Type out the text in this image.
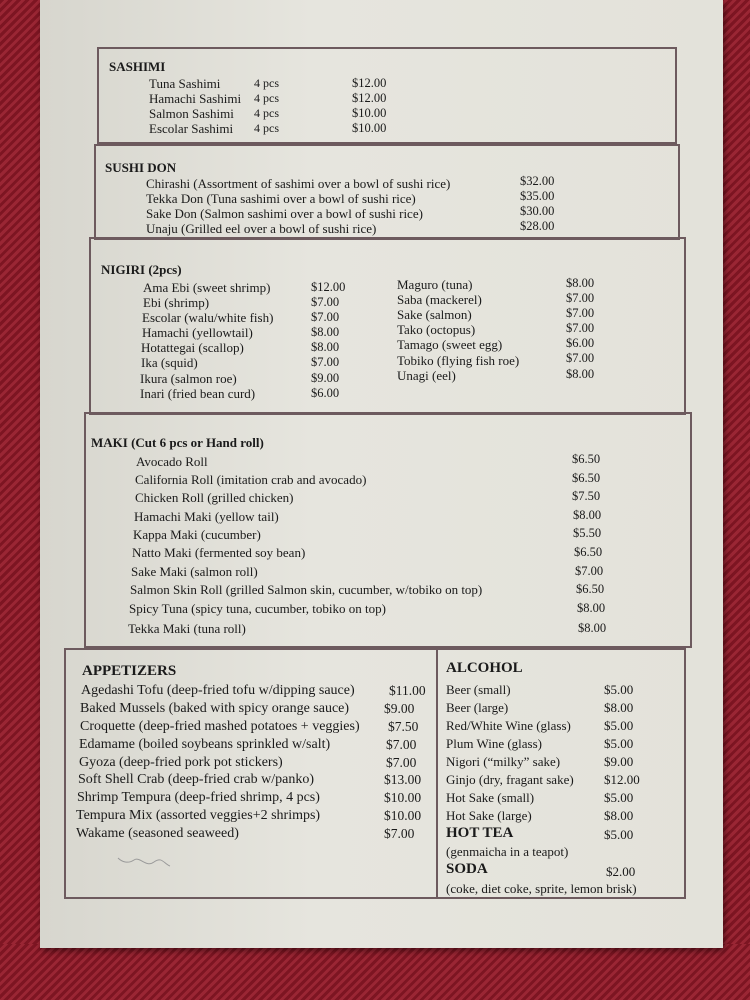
SASHIMI
Tuna Sashimi	4 pcs	$12.00
Hamachi Sashimi 4 pcs	$12.00
Salmon Sashimi 4 pcs	$10.00
Escolar Sashimi 4 pcs	$10.00
SUSHI DON
Chirashi (Assortment of sashimi over a bowl of sushi rice)	$32.00
Tekka Don (Tuna sashimi over a bowl of sushi rice)	$35.00
Sake Don (Salmon sashimi over a bowl of sushi rice)	$30.00
Unaju (Grilled eel over a bowl of sushi rice)	$28.00
NIGIRI (2pcs)
Ama Ebi (sweet shrimp)	$12.00
Ebi (shrimp)	$7.00
Escolar (walu/white fish)	$7.00
Hamachi (yellowtail)	$8.00
Hotattegai (scallop)	$8.00
Ika (squid)	$7.00
Ikura (salmon roe)	$9.00
Inari (fried bean curd)	$6.00
Maguro (tuna)	$8.00
Saba (mackerel)	$7.00
Sake (salmon)	$7.00
Tako (octopus)	$7.00
Tamago (sweet egg)	$6.00
Tobiko (flying fish roe)	$7.00
Unagi (eel)	$8.00
MAKI (Cut 6 pcs or Hand roll)
Avocado Roll	$6.50
California Roll (imitation crab and avocado)	$6.50
Chicken Roll (grilled chicken)	$7.50
Hamachi Maki (yellow tail)	$8.00
Kappa Maki (cucumber)	$5.50
Natto Maki (fermented soy bean)	$6.50
Sake Maki (salmon roll)	$7.00
Salmon Skin Roll (grilled Salmon skin, cucumber, w/tobiko on top)	$6.50
Spicy Tuna (spicy tuna, cucumber, tobiko on top)	$8.00
Tekka Maki (tuna roll)	$8.00
APPETIZERS
Agedashi Tofu (deep-fried tofu w/dipping sauce)	$11.00
Baked Mussels (baked with spicy orange sauce)	$9.00
Croquette (deep-fried mashed potatoes + veggies) $7.50
Edamame (boiled soybeans sprinkled w/salt)	$7.00
Gyoza (deep-fried pork pot stickers)	$7.00
Soft Shell Crab (deep-fried crab w/panko)	$13.00
Shrimp Tempura (deep-fried shrimp, 4 pcs)	$10.00
Tempura Mix (assorted veggies+2 shrimps)	$10.00
Wakame (seasoned seaweed)	$7.00
ALCOHOL
Beer (small)	$5.00
Beer (large)	$8.00
Red/White Wine (glass)	$5.00
Plum Wine (glass)	$5.00
Nigori (“milky” sake)	$9.00
Ginjo (dry, fragant sake) $12.00
Hot Sake (small)	$5.00
Hot Sake (large)	$8.00
HOT TEA	$5.00
(genmaicha in a teapot)
SODA	$2.00
(coke, diet coke, sprite, lemon brisk)
